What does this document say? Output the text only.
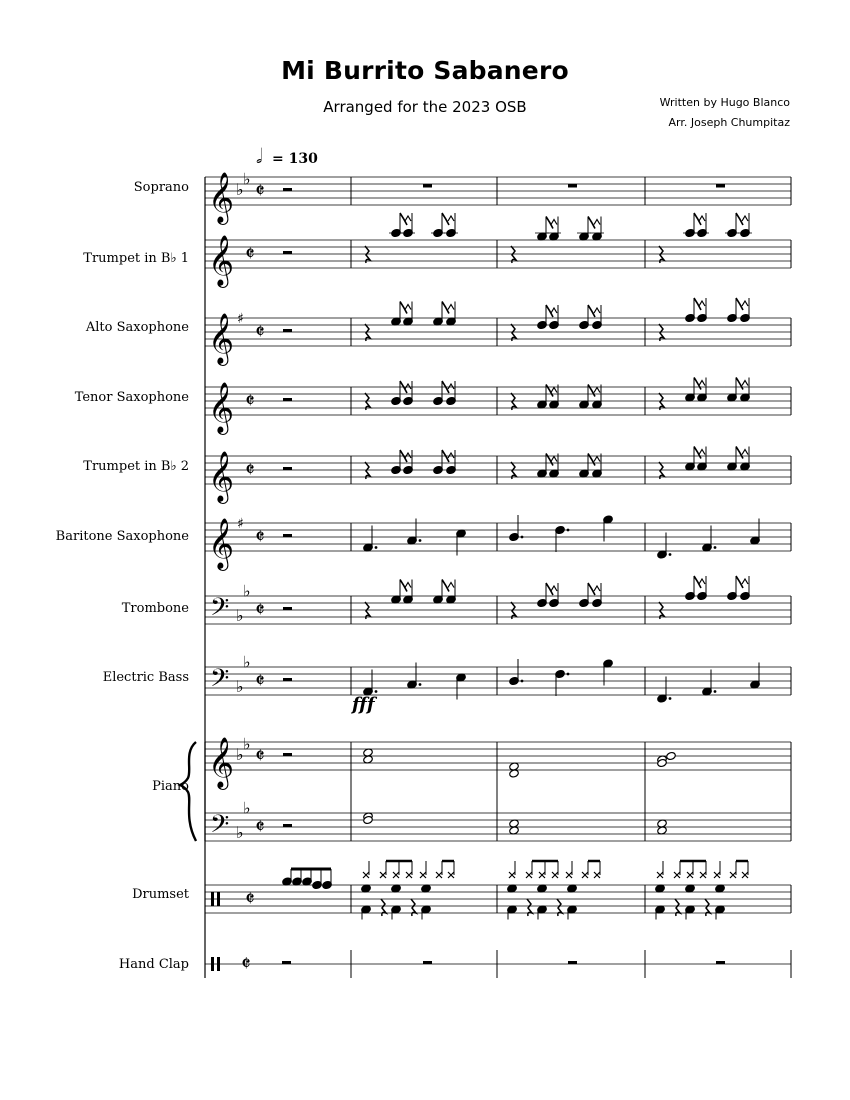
Mi Burrito Sabanero
Arranged for the 2023 OSB	Written by Hugo Blanco
Arr. Joseph Chumpitaz
Soprano
Trumpet in B♭ 1
Alto Saxophone
Tenor Saxophone
Trumpet in B♭ 2
Baritone Saxophone
Trombone
Electric Bass
Piano
Drumset
Hand Clap
𝄞 ♭
♭ 𝄵
𝄞 𝄵
𝄞 ♯
𝄵
𝄞 𝄵
𝄞 𝄵
𝄞 ♯
𝄵
𝄢 ♭
♭
𝄵
𝄢 ♭
♭
𝄵
𝄞 ♭
♭ 𝄵
𝄢 ♭
♭
𝄵
𝄵
𝄵
𝅗𝅥 = 130
fff
